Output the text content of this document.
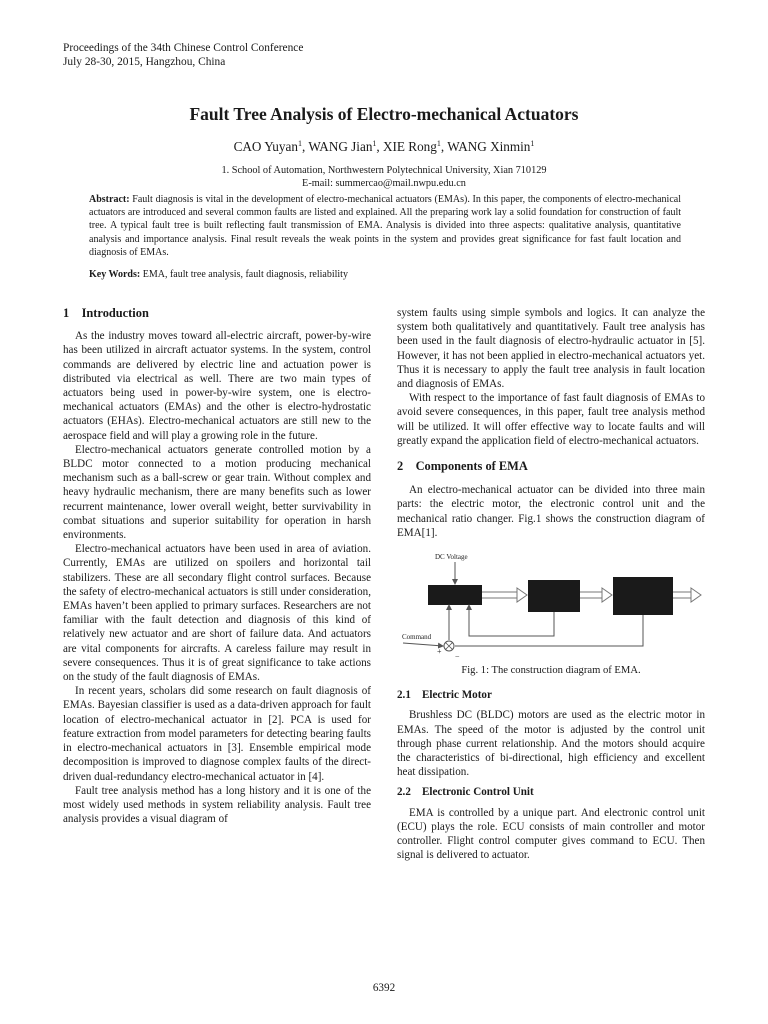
Proceedings of the 34th Chinese Control Conference
July 28-30, 2015, Hangzhou, China
Fault Tree Analysis of Electro-mechanical Actuators
CAO Yuyan$^1$, WANG Jian$^1$, XIE Rong$^1$, WANG Xinmin$^1$
1. School of Automation, Northwestern Polytechnical University, Xian 710129
E-mail: summercao@mail.nwpu.edu.cn
Abstract: Fault diagnosis is vital in the development of electro-mechanical actuators (EMAs). In this paper, the components of electro-mechanical actuators are introduced and several common faults are listed and explained. All the preparing work lay a solid foundation for construction of fault tree. A typical fault tree is built reflecting fault transmission of EMA. Analysis is divided into three aspects: qualitative analysis, quantitative analysis and importance analysis. Final result reveals the weak points in the system and provides great significance for fast fault location and diagnosis of EMAs.
Key Words: EMA, fault tree analysis, fault diagnosis, reliability
1    Introduction

As the industry moves toward all-electric aircraft, power-by-wire has been utilized in aircraft actuator systems. In the system, control commands are delivered by electric line and actuation power is distributed via electrical as well. There are two main types of actuators being used in power-by-wire system, one is electro-mechanical actuators (EMAs) and the other is electro-hydrostatic actuators (EHAs). Electro-mechanical actuators are still new to the aerospace field and will play a growing role in the future.

Electro-mechanical actuators generate controlled motion by a BLDC motor connected to a motion producing mechanical mechanism such as a ball-screw or gear train. Without complex and heavy hydraulic mechanism, there are many benefits such as lower recurrent maintenance, lower overall weight, better survivability in combat situations and superior suitability for operation in harsh environments.

Electro-mechanical actuators have been used in area of aviation. Currently, EMAs are utilized on spoilers and horizontal tail stabilizers. These are all secondary flight control surfaces. Because the safety of electro-mechanical actuators is still under consideration, EMAs haven’t been applied to primary surfaces. Researchers are not familiar with the fault detection and diagnosis of this kind of relatively new actuator and are short of failure data. And actuators are vital components for aircrafts. A careless failure may result in severe consequences. Thus it is of great significance to take actions on the study of the fault diagnosis of EMAs.

In recent years, scholars did some research on fault diagnosis of EMAs. Bayesian classifier is used as a data-driven approach for fault location of electro-mechanical actuator in [2]. PCA is used for feature extraction from model parameters for detecting bearing faults in electro-mechanical actuators in [3]. Ensemble empirical mode decomposition is improved to diagnose complex faults of the direct-driven dual-redundancy electro-mechanical actuator in [4].

Fault tree analysis method has a long history and it is one of the most widely used methods in system reliability analysis. Fault tree analysis provides a visual diagram of

system faults using simple symbols and logics. It can analyze the system both qualitatively and quantitatively. Fault tree analysis has been used in the fault diagnosis of electro-hydraulic actuator in [5]. However, it has not been applied in electro-mechanical actuators yet. Thus it is necessary to apply the fault tree analysis in fault location and diagnosis of EMAs.

With respect to the importance of fast fault diagnosis of EMAs to avoid severe consequences, in this paper, fault tree analysis method will be utilized. It will offer effective way to locate faults and will greatly expand the application field of electro-mechanical actuators.

2    Components of EMA

An electro-mechanical actuator can be divided into three main parts: the electric motor, the electronic control unit and the mechanical ratio changer. Fig.1 shows the construction diagram of EMA[1].

DC Voltage
Command
+
−
Fig. 1: The construction diagram of EMA.
2.1    Electric Motor

Brushless DC (BLDC) motors are used as the electric motor in EMAs. The speed of the motor is adjusted by the control unit through phase current relationship. And the motors should acquire the characteristics of bi-directional, high efficiency and excellent heat dissipation.

2.2    Electronic Control Unit

EMA is controlled by a unique part. And electronic control unit (ECU) plays the role. ECU consists of main controller and motor controller. Flight control computer gives command to ECU. Then signal is delivered to actuator.

6392
